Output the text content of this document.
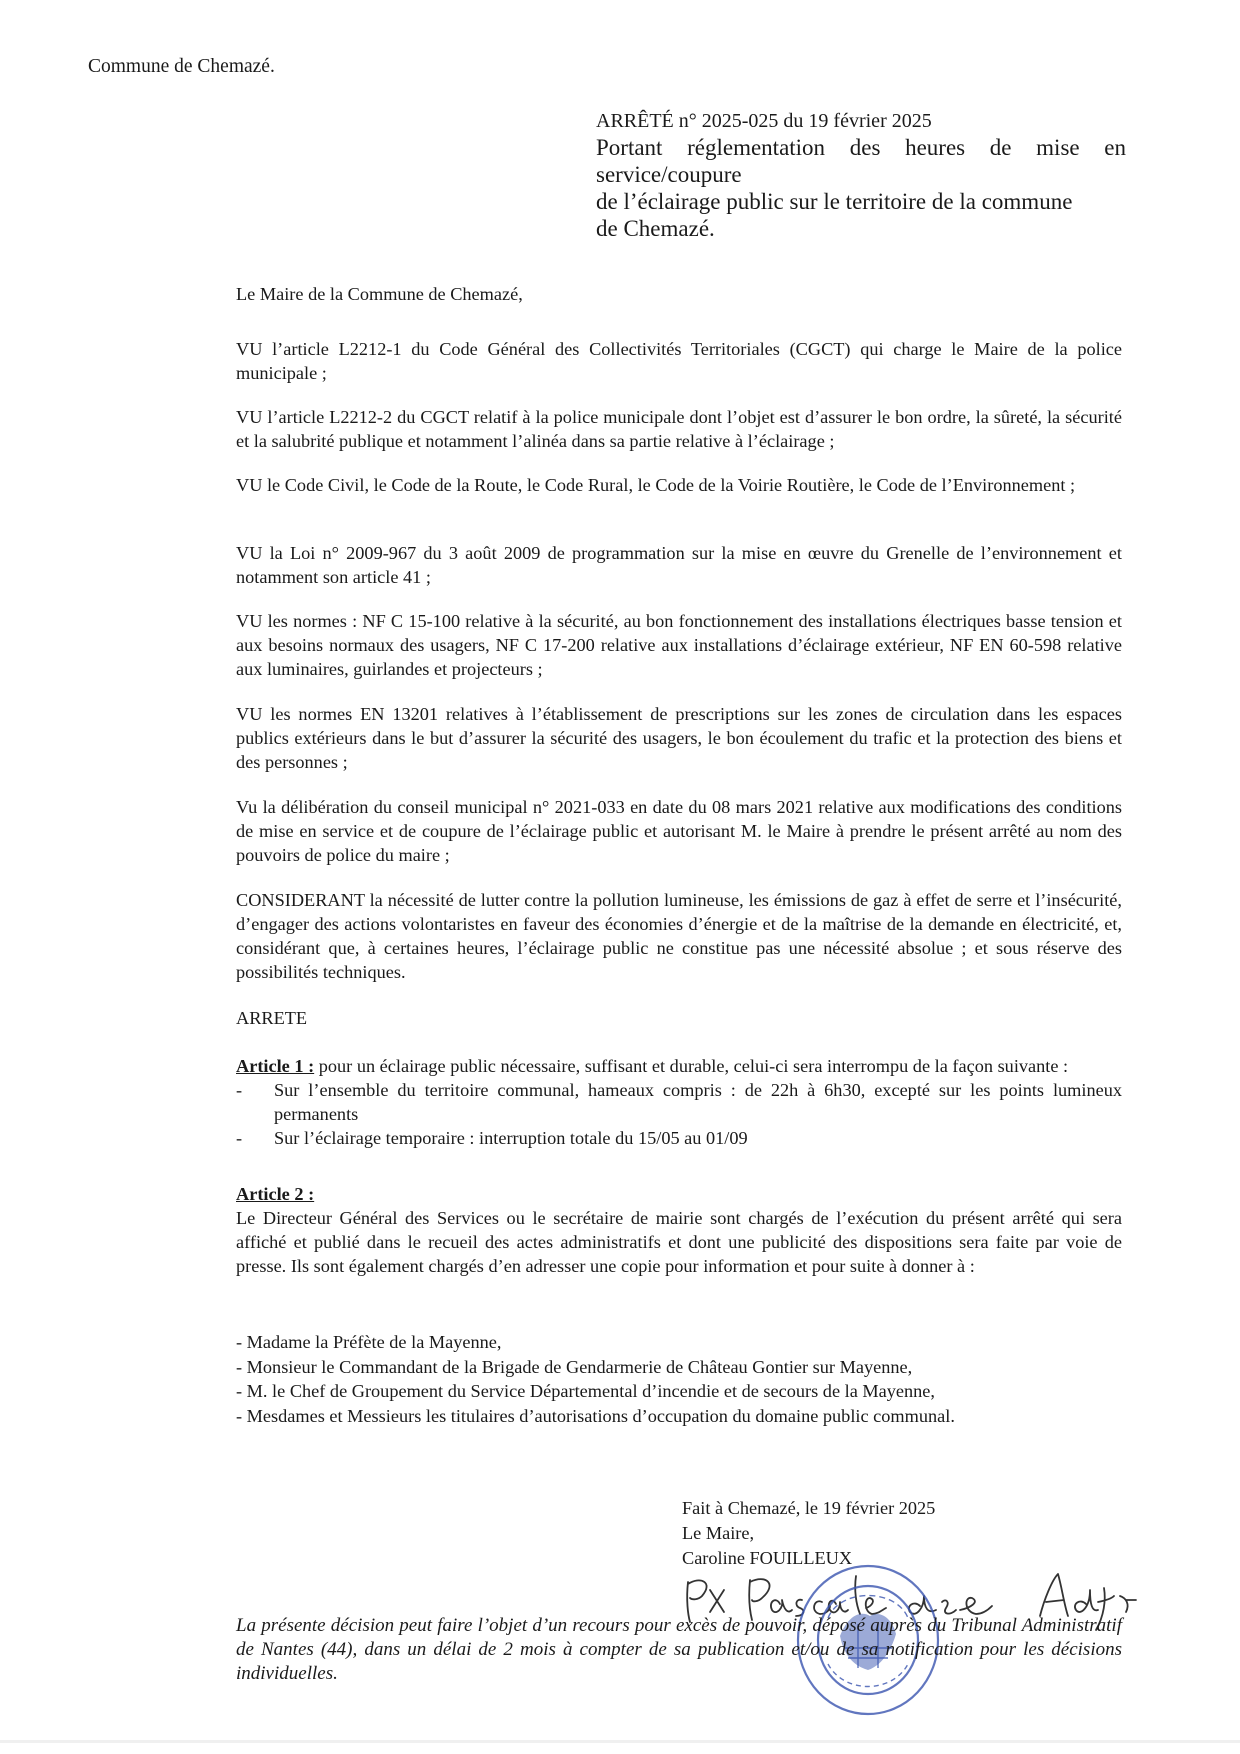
Commune de Chemazé.
ARRÊTÉ n° 2025-025 du 19 février 2025
Portant réglementation des heures de mise en
service/coupure
de l’éclairage public sur le territoire de la commune
de Chemazé.
Le Maire de la Commune de Chemazé,
VU l’article L2212-1 du Code Général des Collectivités Territoriales (CGCT) qui charge le Maire de la police municipale ;
VU l’article L2212-2 du CGCT relatif à la police municipale dont l’objet est d’assurer le bon ordre, la sûreté, la sécurité et la salubrité publique et notamment l’alinéa dans sa partie relative à l’éclairage ;
VU le Code Civil, le Code de la Route, le Code Rural, le Code de la Voirie Routière, le Code de l’Environnement ;
VU la Loi n° 2009-967 du 3 août 2009 de programmation sur la mise en œuvre du Grenelle de l’environnement et notamment son article 41 ;
VU les normes : NF C 15-100 relative à la sécurité, au bon fonctionnement des installations électriques basse tension et aux besoins normaux des usagers, NF C 17-200 relative aux installations d’éclairage extérieur, NF EN 60-598 relative aux luminaires, guirlandes et projecteurs ;
VU les normes EN 13201 relatives à l’établissement de prescriptions sur les zones de circulation dans les espaces publics extérieurs dans le but d’assurer la sécurité des usagers, le bon écoulement du trafic et la protection des biens et des personnes ;
Vu la délibération du conseil municipal n° 2021-033 en date du 08 mars 2021 relative aux modifications des conditions de mise en service et de coupure de l’éclairage public et autorisant M. le Maire à prendre le présent arrêté au nom des pouvoirs de police du maire ;
CONSIDERANT la nécessité de lutter contre la pollution lumineuse, les émissions de gaz à effet de serre et l’insécurité, d’engager des actions volontaristes en faveur des économies d’énergie et de la maîtrise de la demande en électricité, et, considérant que, à certaines heures, l’éclairage public ne constitue pas une nécessité absolue ; et sous réserve des possibilités techniques.
ARRETE

Article 1 : pour un éclairage public nécessaire, suffisant et durable, celui-ci sera interrompu de la façon suivante :

- Sur l’ensemble du territoire communal, hameaux compris : de 22h à 6h30, excepté sur les points lumineux permanents
- Sur l’éclairage temporaire : interruption totale du 15/05 au 01/09

Article 2 :

Le Directeur Général des Services ou le secrétaire de mairie sont chargés de l’exécution du présent arrêté qui sera affiché et publié dans le recueil des actes administratifs et dont une publicité des dispositions sera faite par voie de presse. Ils sont également chargés d’en adresser une copie pour information et pour suite à donner à :

- Madame la Préfète de la Mayenne,
- Monsieur le Commandant de la Brigade de Gendarmerie de Château Gontier sur Mayenne,
- M. le Chef de Groupement du Service Départemental d’incendie et de secours de la Mayenne,
- Mesdames et Messieurs les titulaires d’autorisations d’occupation du domaine public communal.
Fait à Chemazé, le 19 février 2025
Le Maire,
Caroline FOUILLEUX
La présente décision peut faire l’objet d’un recours pour excès de pouvoir, déposé auprès du Tribunal Administratif de Nantes (44), dans un délai de 2 mois à compter de sa publication et/ou de sa notification pour les décisions individuelles.
